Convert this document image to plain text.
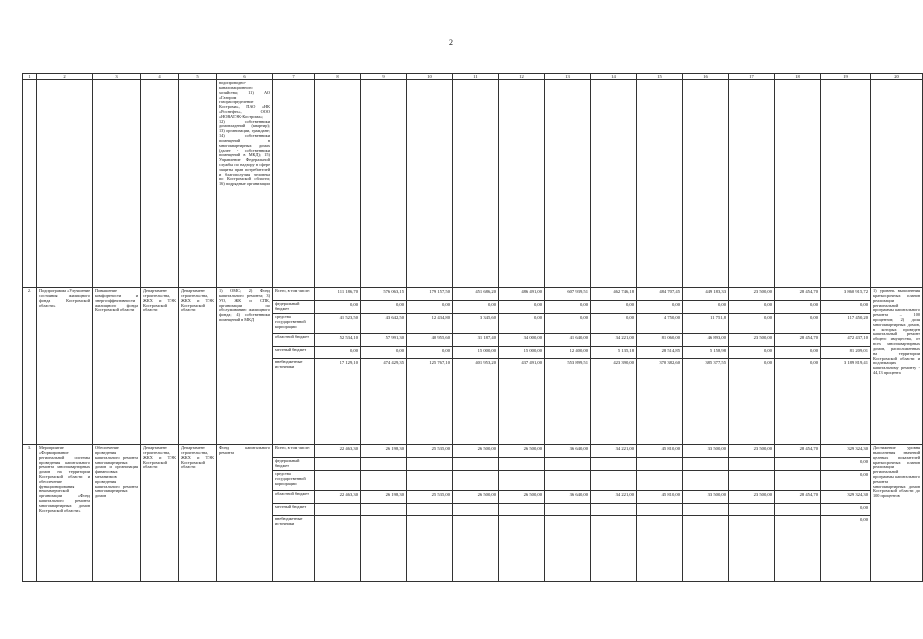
2
1	2	3	4	5	6	7	8	9	10	11	12	13	14	15	16	17	18	19	20
					водопроводно-канализационного хозяйства; 11) АО «Газпром газораспределение Кострома», ПАО «НК «Роснефть», ООО «НОВАТЭК-Кострома»; 12) собственники домовладений (квартир); 13) организации, граждане; 14) собственники помещений в многоквартирных домах (далее - собственники помещений в МКД); 15) Управление Федеральной службы по надзору в сфере защиты прав потребителей и благополучия человека по Костромской области; 16) подрядные организации														
2.	Подпрограмма «Улучшение состояния жилищного фонда Костромской области»	Повышение комфортности и энергоэффективности жилищного фонда Костромской области	Департамент строительства, ЖКХ и ТЭК Костромской области	Департамент строительства, ЖКХ и ТЭК Костромской области	1) ОМС; 2) Фонд капитального ремонта; 3) УО, ЖК и СПК, организации по обслуживанию жилищного фонда; 4) собственники помещений в МКД	Всего, в том числе:	111 186,70	576 063,15	179 157,50	451 686,20	486 491,00	607 939,51	462 746,18	484 707,45	449 183,33	23 500,00	28 454,70	3 860 915,72	1) уровень выполнения краткосрочных планов реализации региональной программы капитального ремонта – 100 процентов; 2) доля многоквартирных домов, в которых проведен капитальный ремонт общего имущества, от всех многоквартирных домов, расположенных на территории Костромской области и подлежащих капитальному ремонту - 44,13 процента
						федеральный бюджет	0,00	0,00	0,00	0,00	0,00	0,00	0,00	0,00	0,00	0,00	0,00	0,00	
						средства государственной корпорации	41 523,50	43 642,50	12 434,80	3 345,60	0,00	0,00	0,00	4 750,00	11 751,8	0,00	0,00	117 450,20	
						областной бюджет	52 534,10	57 991,30	40 955,60	31 187,40	34 000,00	41 640,00	34 221,00	81 060,00	46 893,00	23 500,00	28 454,70	472 437,10	
						местный бюджет	0,00	0,00	0,00	15 000,00	15 000,00	12 400,00	5 135,18	28 514,85	5 158,98	0,00	0,00	81 209,01	
						внебюджетные источники	17 129,10	474 429,35	125 767,10	401 953,20	437 491,00	553 899,51	423 390,00	370 382,60	385 377,55	0,00	0,00	3 189 819,41	
3.	Мероприятие «Формирование региональной системы проведения капитального ремонта многоквартирных домов на территории Костромской области и обеспечение функционирования некоммерческой организации «Фонд капитального ремонта многоквартирных домов Костромской области»	Обеспечение проведения капитального ремонта многоквартирных домов и организация финансовых механизмов проведения капитального ремонта многоквартирных домов	Департамент строительства, ЖКХ и ТЭК Костромской области	Департамент строительства, ЖКХ и ТЭК Костромской области	Фонд капитального ремонта	Всего, в том числе:	22 463,30	26 198,30	25 535,00	26 500,00	26 500,00	36 640,00	34 221,00	45 810,00	33 500,00	23 500,00	28 454,70	329 324,30	Достижение уровня выполнения значений целевых показателей краткосрочных планов реализации региональной программы капитального ремонта многоквартирных домов Костромской области до 100 процентов
						федеральный бюджет												0,00	
						средства государственной корпорации												0,00	
						областной бюджет	22 463,30	26 198,30	25 535,00	26 500,00	26 500,00	36 640,00	34 221,00	45 810,00	33 500,00	23 500,00	28 454,70	329 324,30	
						местный бюджет												0,00	
						внебюджетные источники												0,00	
